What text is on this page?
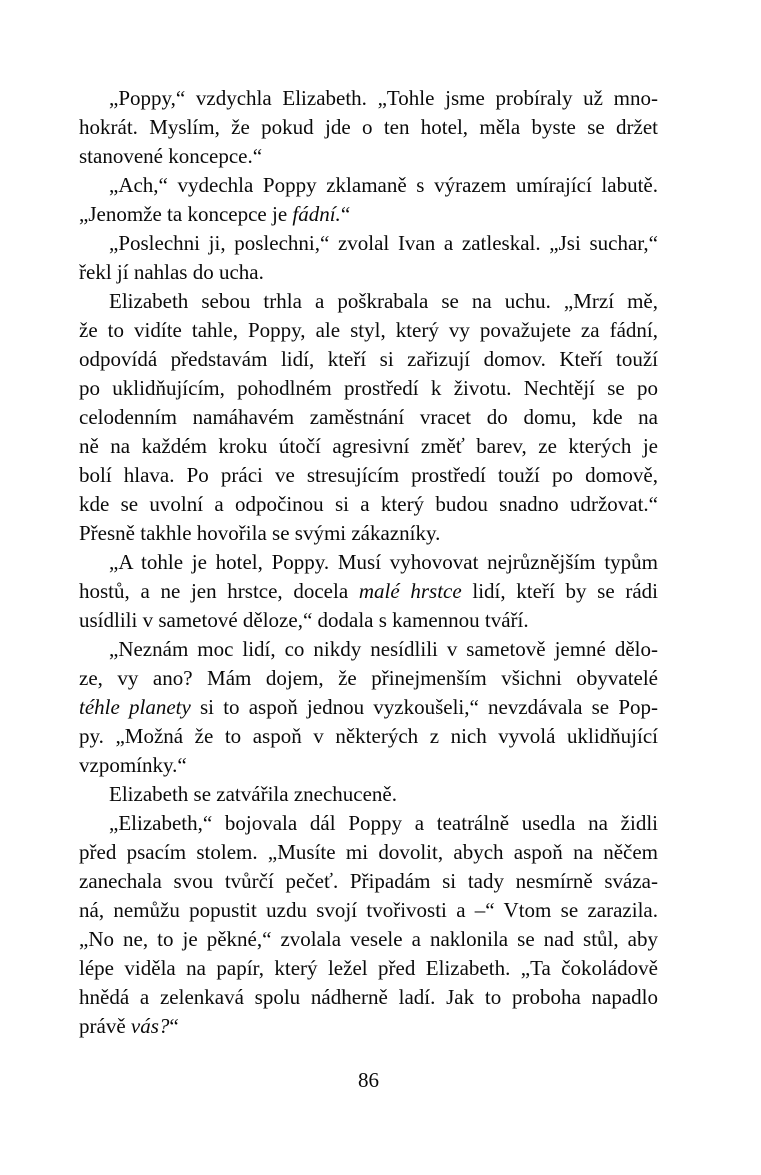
„Poppy,“ vzdychla Elizabeth. „Tohle jsme probíraly už mno-
hokrát. Myslím, že pokud jde o ten hotel, měla byste se držet
stanovené koncepce.“
„Ach,“ vydechla Poppy zklamaně s výrazem umírající labutě.
„Jenomže ta koncepce je fádní.“
„Poslechni ji, poslechni,“ zvolal Ivan a zatleskal. „Jsi suchar,“
řekl jí nahlas do ucha.
Elizabeth sebou trhla a poškrabala se na uchu. „Mrzí mě,
že to vidíte tahle, Poppy, ale styl, který vy považujete za fádní,
odpovídá představám lidí, kteří si zařizují domov. Kteří touží
po uklidňujícím, pohodlném prostředí k životu. Nechtějí se po
celodenním namáhavém zaměstnání vracet do domu, kde na
ně na každém kroku útočí agresivní změť barev, ze kterých je
bolí hlava. Po práci ve stresujícím prostředí touží po domově,
kde se uvolní a odpočinou si a který budou snadno udržovat.“
Přesně takhle hovořila se svými zákazníky.
„A tohle je hotel, Poppy. Musí vyhovovat nejrůznějším typům
hostů, a ne jen hrstce, docela malé hrstce lidí, kteří by se rádi
usídlili v sametové děloze,“ dodala s kamennou tváří.
„Neznám moc lidí, co nikdy nesídlili v sametově jemné dělo-
ze, vy ano? Mám dojem, že přinejmenším všichni obyvatelé
téhle planety si to aspoň jednou vyzkoušeli,“ nevzdávala se Pop-
py. „Možná že to aspoň v některých z nich vyvolá uklidňující
vzpomínky.“
Elizabeth se zatvářila znechuceně.
„Elizabeth,“ bojovala dál Poppy a teatrálně usedla na židli
před psacím stolem. „Musíte mi dovolit, abych aspoň na něčem
zanechala svou tvůrčí pečeť. Připadám si tady nesmírně sváza-
ná, nemůžu popustit uzdu svojí tvořivosti a –“ Vtom se zarazila.
„No ne, to je pěkné,“ zvolala vesele a naklonila se nad stůl, aby
lépe viděla na papír, který ležel před Elizabeth. „Ta čokoládově
hnědá a zelenkavá spolu nádherně ladí. Jak to proboha napadlo
právě vás?“
86
